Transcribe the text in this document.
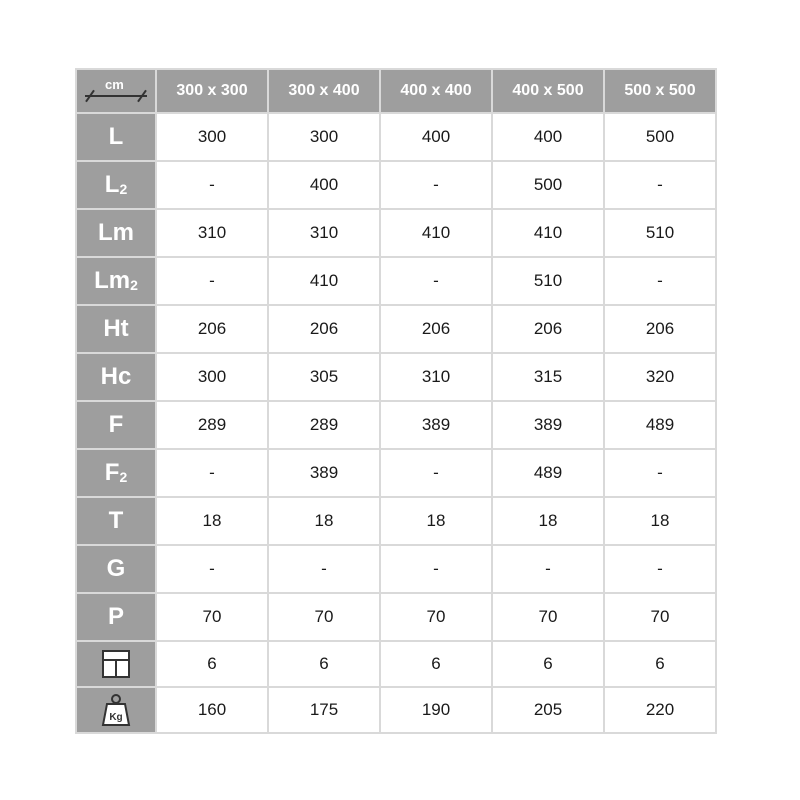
cm	300 x 300	300 x 400	400 x 400	400 x 500	500 x 500
L	300	300	400	400	500
$L_2$	-	400	-	500	-
Lm	310	310	410	410	510
$Lm_2$	-	410	-	510	-
Ht	206	206	206	206	206
Hc	300	305	310	315	320
F	289	289	389	389	489
$F_2$	-	389	-	489	-
T	18	18	18	18	18
G	-	-	-	-	-
P	70	70	70	70	70
	6	6	6	6	6

Kg	160	175	190	205	220
